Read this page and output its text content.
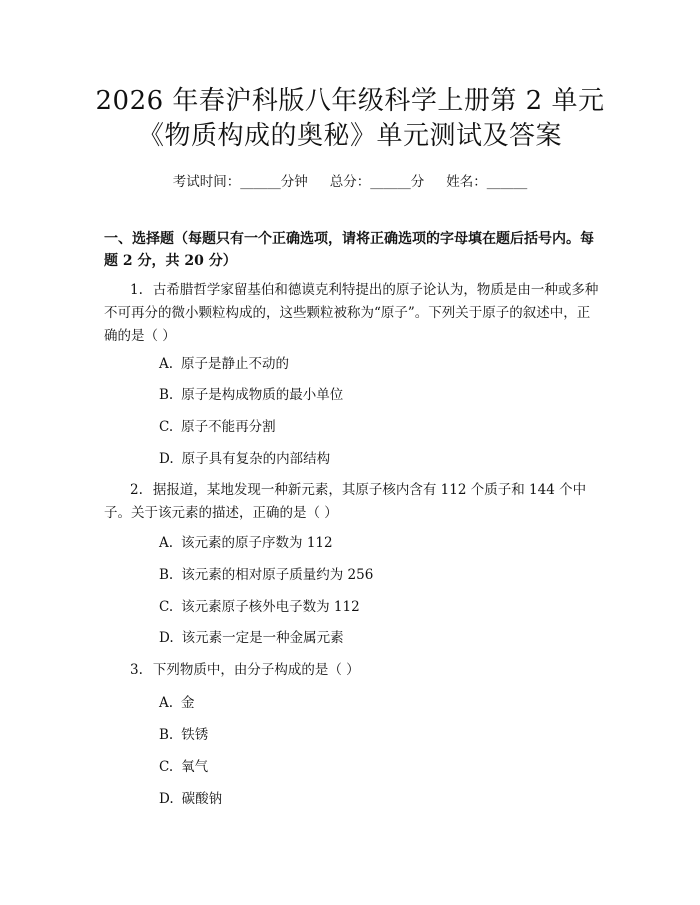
2026 年春沪科版八年级科学上册第 2 单元
《物质构成的奥秘》单元测试及答案
考试时间：______分钟 总分：______分 姓名：______
一、选择题（每题只有一个正确选项，请将正确选项的字母填在题后括号内。每题 2 分，共 20 分）
1. 古希腊哲学家留基伯和德谟克利特提出的原子论认为，物质是由一种或多种不可再分的微小颗粒构成的，这些颗粒被称为“原子”。下列关于原子的叙述中，正确的是（ ）
A. 原子是静止不动的
B. 原子是构成物质的最小单位
C. 原子不能再分割
D. 原子具有复杂的内部结构
2. 据报道，某地发现一种新元素，其原子核内含有 112 个质子和 144 个中子。关于该元素的描述，正确的是（ ）
A. 该元素的原子序数为 112
B. 该元素的相对原子质量约为 256
C. 该元素原子核外电子数为 112
D. 该元素一定是一种金属元素
3. 下列物质中，由分子构成的是（ ）
A. 金
B. 铁锈
C. 氧气
D. 碳酸钠
